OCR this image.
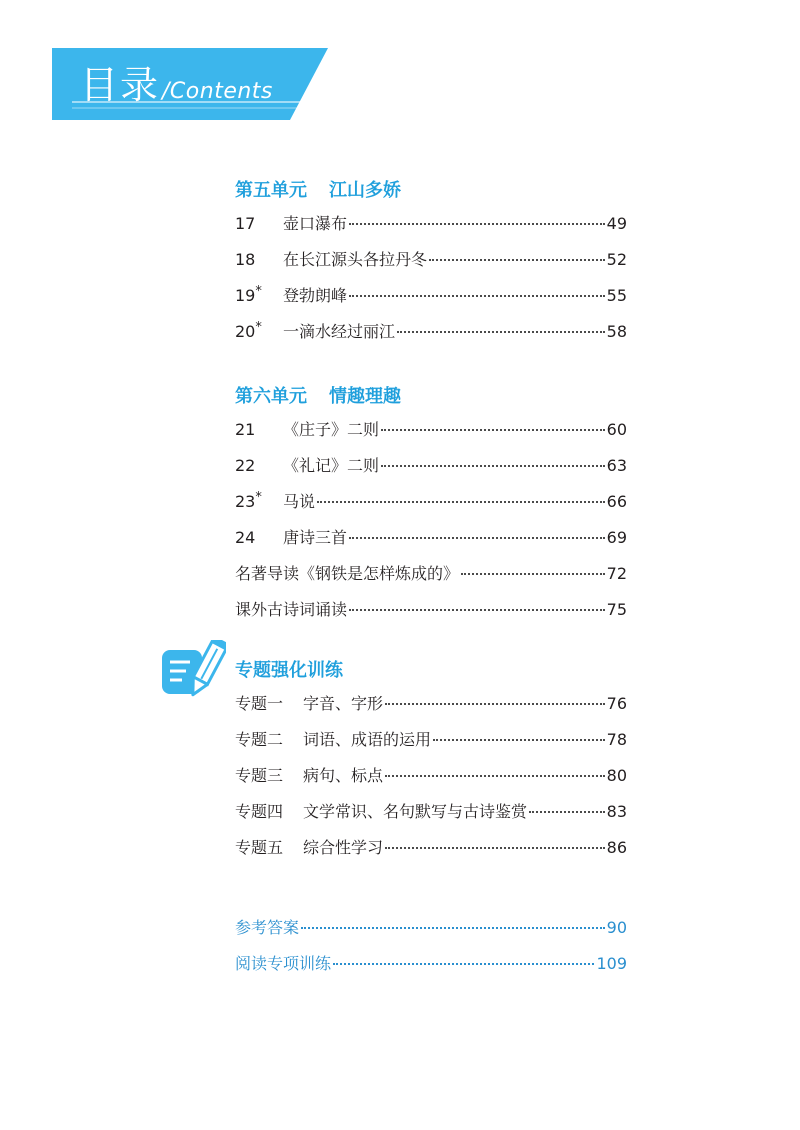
目录/Contents
第五单元 江山多娇
17	壶口瀑布	49
18	在长江源头各拉丹冬	52
19*	登勃朗峰	55
20*	一滴水经过丽江	58
第六单元 情趣理趣
21	《庄子》二则	60
22	《礼记》二则	63
23*	马说	66
24	唐诗三首	69
名著导读《钢铁是怎样炼成的》	72
课外古诗词诵读	75
专题强化训练
专题一	字音、字形	76
专题二	词语、成语的运用	78
专题三	病句、标点	80
专题四	文学常识、名句默写与古诗鉴赏	83
专题五	综合性学习	86
参考答案	90
阅读专项训练	109
